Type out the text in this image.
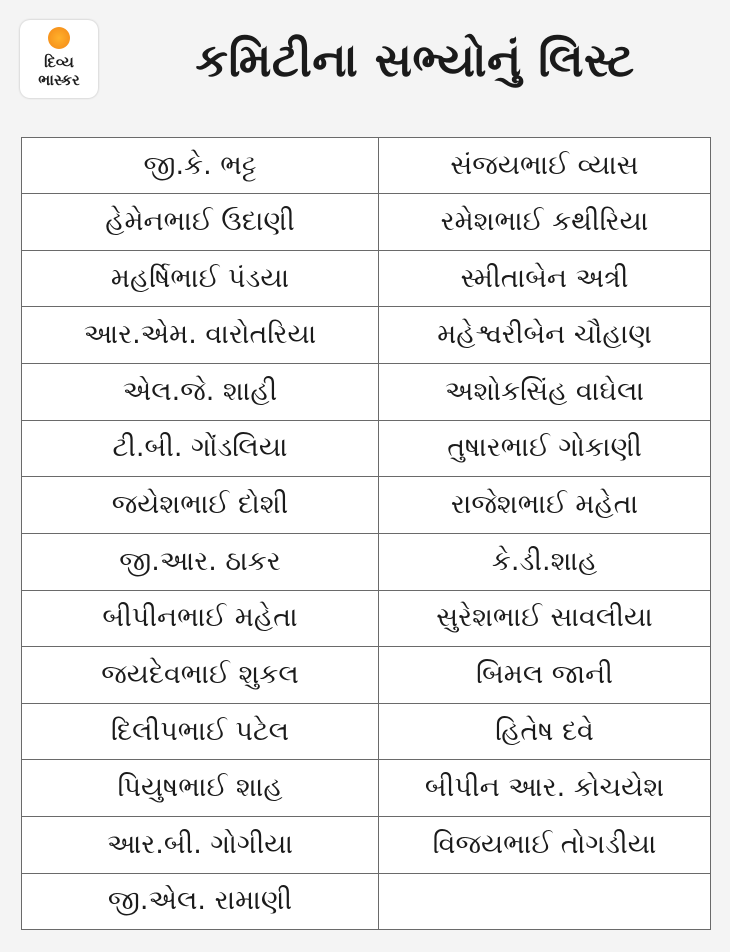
દિવ્ય
ભાસ્કર	કમિટીના સભ્યોનું લિસ્ટ
જી.કે. ભટ્ટ	સંજયભાઈ વ્યાસ
હેમેનભાઈ ઉદાણી	રમેશભાઈ કથીરિયા
મહર્ષિભાઈ પંડયા	સ્મીતાબેન અત્રી
આર.એમ. વારોતરિયા	મહેશ્વરીબેન ચૌહાણ
એલ.જે. શાહી	અશોકસિંહ વાઘેલા
ટી.બી. ગોંડલિયા	તુષારભાઈ ગોકાણી
જયેશભાઈ દોશી	રાજેશભાઈ મહેતા
જી.આર. ઠાકર	કે.ડી.શાહ
બીપીનભાઈ મહેતા	સુરેશભાઈ સાવલીયા
જયદેવભાઈ શુકલ	બિમલ જાની
દિલીપભાઈ પટેલ	હિતેષ દવે
પિયુષભાઈ શાહ	બીપીન આર. કોચયેશ
આર.બી. ગોગીયા	વિજયભાઈ તોગડીયા
જી.એલ. રામાણી	
